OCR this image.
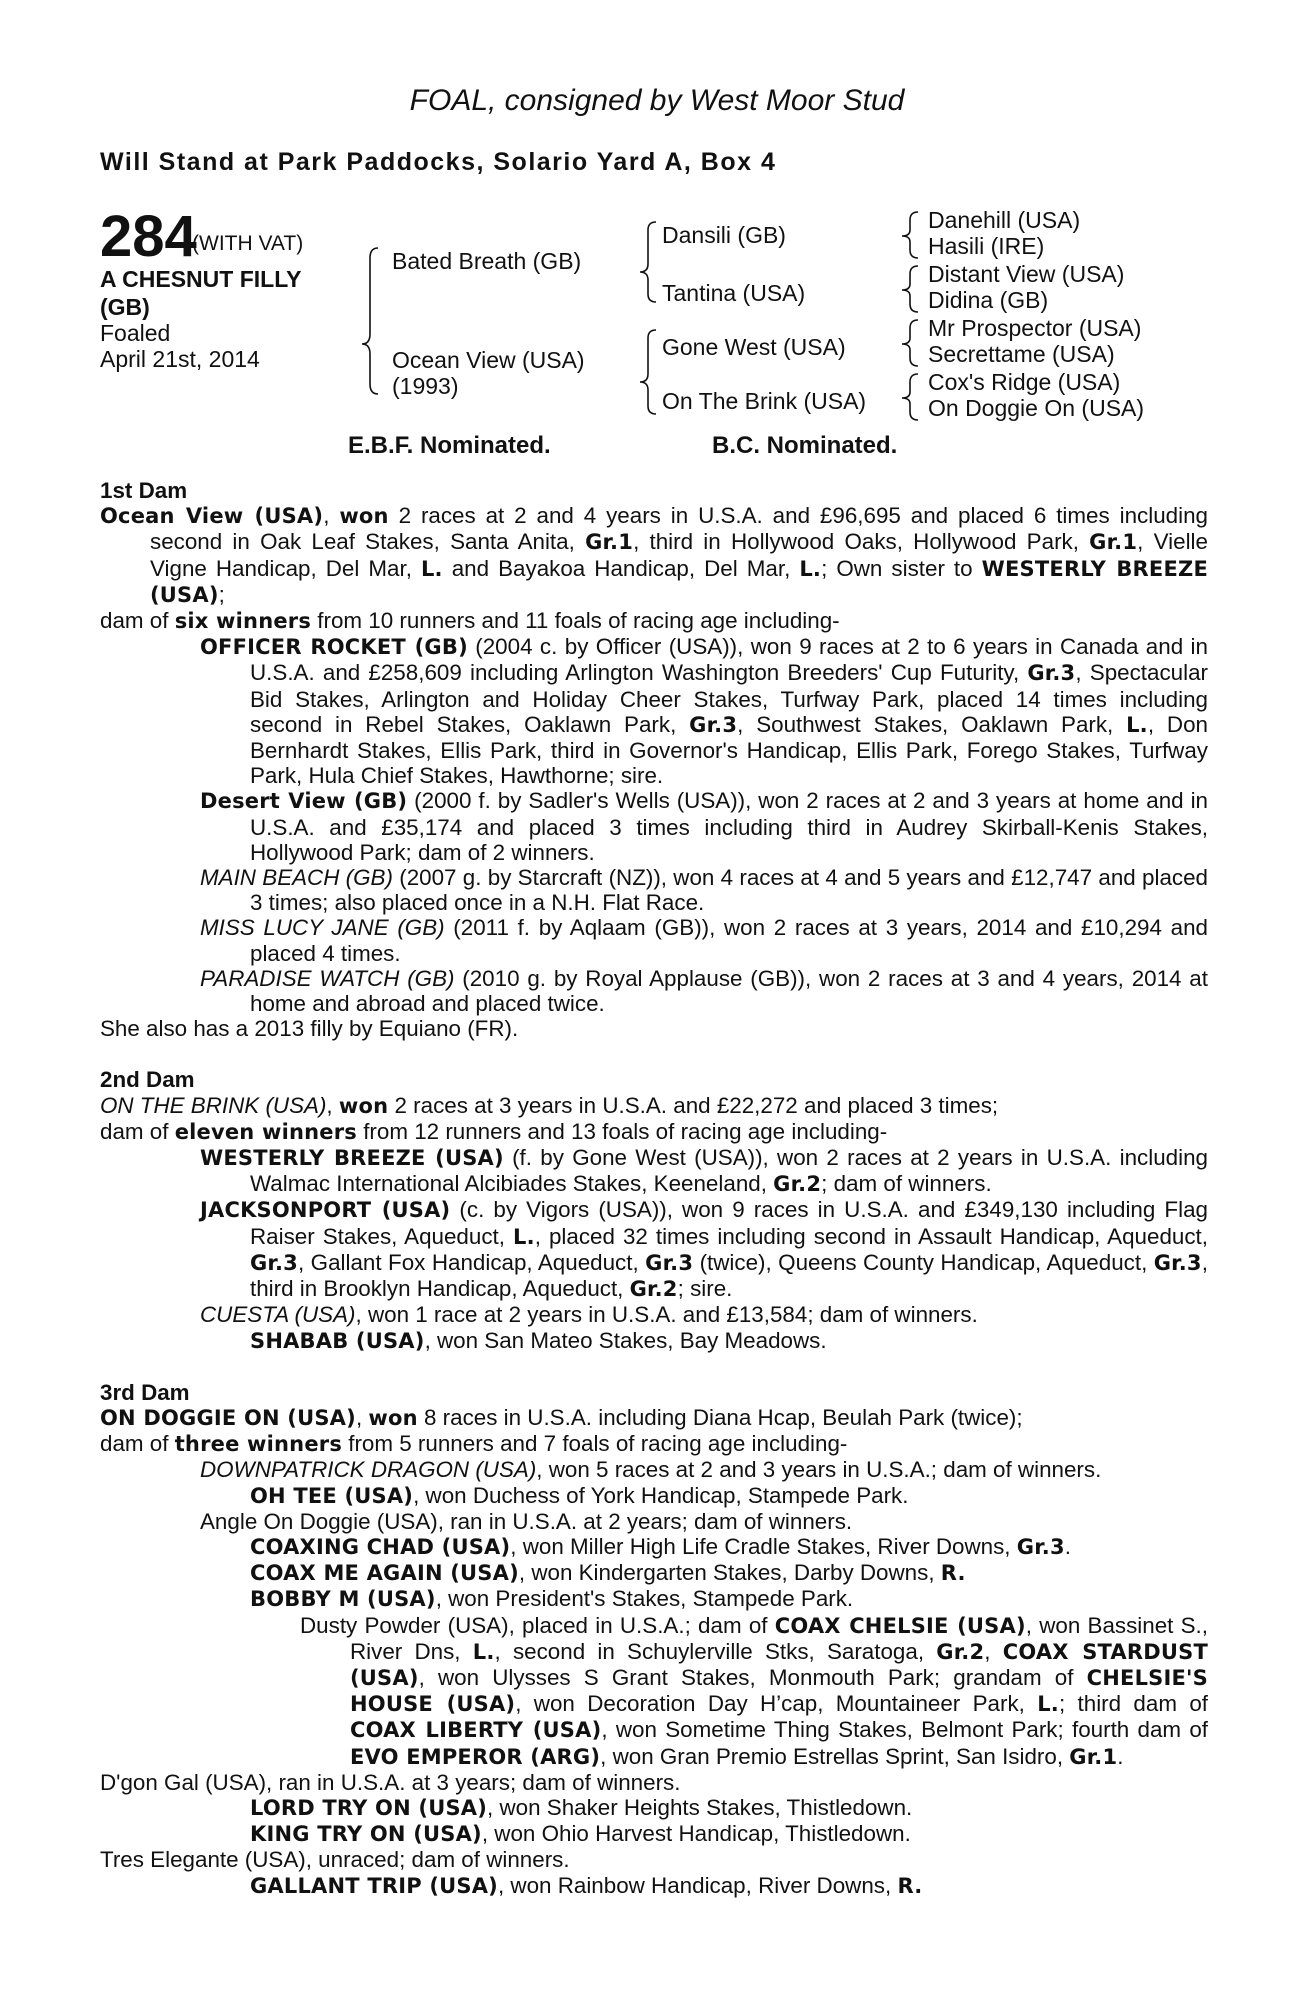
FOAL, consigned by West Moor Stud
Will Stand at Park Paddocks, Solario Yard A, Box 4
284
(WITH VAT)
A CHESNUT FILLY
(GB)
Foaled
April 21st, 2014
Bated Breath (GB)
Ocean View (USA)
(1993)
Dansili (GB)
Tantina (USA)
Gone West (USA)
On The Brink (USA)
Danehill (USA)
Hasili (IRE)
Distant View (USA)
Didina (GB)
Mr Prospector (USA)
Secrettame (USA)
Cox's Ridge (USA)
On Doggie On (USA)
E.B.F. Nominated.	B.C. Nominated.
1st Dam
Ocean View (USA), won 2 races at 2 and 4 years in U.S.A. and £96,695 and placed 6 times including second in Oak Leaf Stakes, Santa Anita, Gr.1, third in Hollywood Oaks, Hollywood Park, Gr.1, Vielle Vigne Handicap, Del Mar, L. and Bayakoa Handicap, Del Mar, L.; Own sister to WESTERLY BREEZE (USA);
dam of six winners from 10 runners and 11 foals of racing age including-
OFFICER ROCKET (GB) (2004 c. by Officer (USA)), won 9 races at 2 to 6 years in Canada and in U.S.A. and £258,609 including Arlington Washington Breeders' Cup Futurity, Gr.3, Spectacular Bid Stakes, Arlington and Holiday Cheer Stakes, Turfway Park, placed 14 times including second in Rebel Stakes, Oaklawn Park, Gr.3, Southwest Stakes, Oaklawn Park, L., Don Bernhardt Stakes, Ellis Park, third in Governor's Handicap, Ellis Park, Forego Stakes, Turfway Park, Hula Chief Stakes, Hawthorne; sire.
Desert View (GB) (2000 f. by Sadler's Wells (USA)), won 2 races at 2 and 3 years at home and in U.S.A. and £35,174 and placed 3 times including third in Audrey Skirball-Kenis Stakes, Hollywood Park; dam of 2 winners.
MAIN BEACH (GB) (2007 g. by Starcraft (NZ)), won 4 races at 4 and 5 years and £12,747 and placed 3 times; also placed once in a N.H. Flat Race.
MISS LUCY JANE (GB) (2011 f. by Aqlaam (GB)), won 2 races at 3 years, 2014 and £10,294 and placed 4 times.
PARADISE WATCH (GB) (2010 g. by Royal Applause (GB)), won 2 races at 3 and 4 years, 2014 at home and abroad and placed twice.
She also has a 2013 filly by Equiano (FR).
2nd Dam
ON THE BRINK (USA), won 2 races at 3 years in U.S.A. and £22,272 and placed 3 times;
dam of eleven winners from 12 runners and 13 foals of racing age including-
WESTERLY BREEZE (USA) (f. by Gone West (USA)), won 2 races at 2 years in U.S.A. including Walmac International Alcibiades Stakes, Keeneland, Gr.2; dam of winners.
JACKSONPORT (USA) (c. by Vigors (USA)), won 9 races in U.S.A. and £349,130 including Flag Raiser Stakes, Aqueduct, L., placed 32 times including second in Assault Handicap, Aqueduct, Gr.3, Gallant Fox Handicap, Aqueduct, Gr.3 (twice), Queens County Handicap, Aqueduct, Gr.3, third in Brooklyn Handicap, Aqueduct, Gr.2; sire.
CUESTA (USA), won 1 race at 2 years in U.S.A. and £13,584; dam of winners.
SHABAB (USA), won San Mateo Stakes, Bay Meadows.
3rd Dam
ON DOGGIE ON (USA), won 8 races in U.S.A. including Diana Hcap, Beulah Park (twice);
dam of three winners from 5 runners and 7 foals of racing age including-
DOWNPATRICK DRAGON (USA), won 5 races at 2 and 3 years in U.S.A.; dam of winners.
OH TEE (USA), won Duchess of York Handicap, Stampede Park.
Angle On Doggie (USA), ran in U.S.A. at 2 years; dam of winners.
COAXING CHAD (USA), won Miller High Life Cradle Stakes, River Downs, Gr.3.
COAX ME AGAIN (USA), won Kindergarten Stakes, Darby Downs, R.
BOBBY M (USA), won President's Stakes, Stampede Park.
Dusty Powder (USA), placed in U.S.A.; dam of COAX CHELSIE (USA), won Bassinet S., River Dns, L., second in Schuylerville Stks, Saratoga, Gr.2, COAX STARDUST (USA), won Ulysses S Grant Stakes, Monmouth Park; grandam of CHELSIE'S HOUSE (USA), won Decoration Day H’cap, Mountaineer Park, L.; third dam of COAX LIBERTY (USA), won Sometime Thing Stakes, Belmont Park; fourth dam of EVO EMPEROR (ARG), won Gran Premio Estrellas Sprint, San Isidro, Gr.1.
D'gon Gal (USA), ran in U.S.A. at 3 years; dam of winners.
LORD TRY ON (USA), won Shaker Heights Stakes, Thistledown.
KING TRY ON (USA), won Ohio Harvest Handicap, Thistledown.
Tres Elegante (USA), unraced; dam of winners.
GALLANT TRIP (USA), won Rainbow Handicap, River Downs, R.
